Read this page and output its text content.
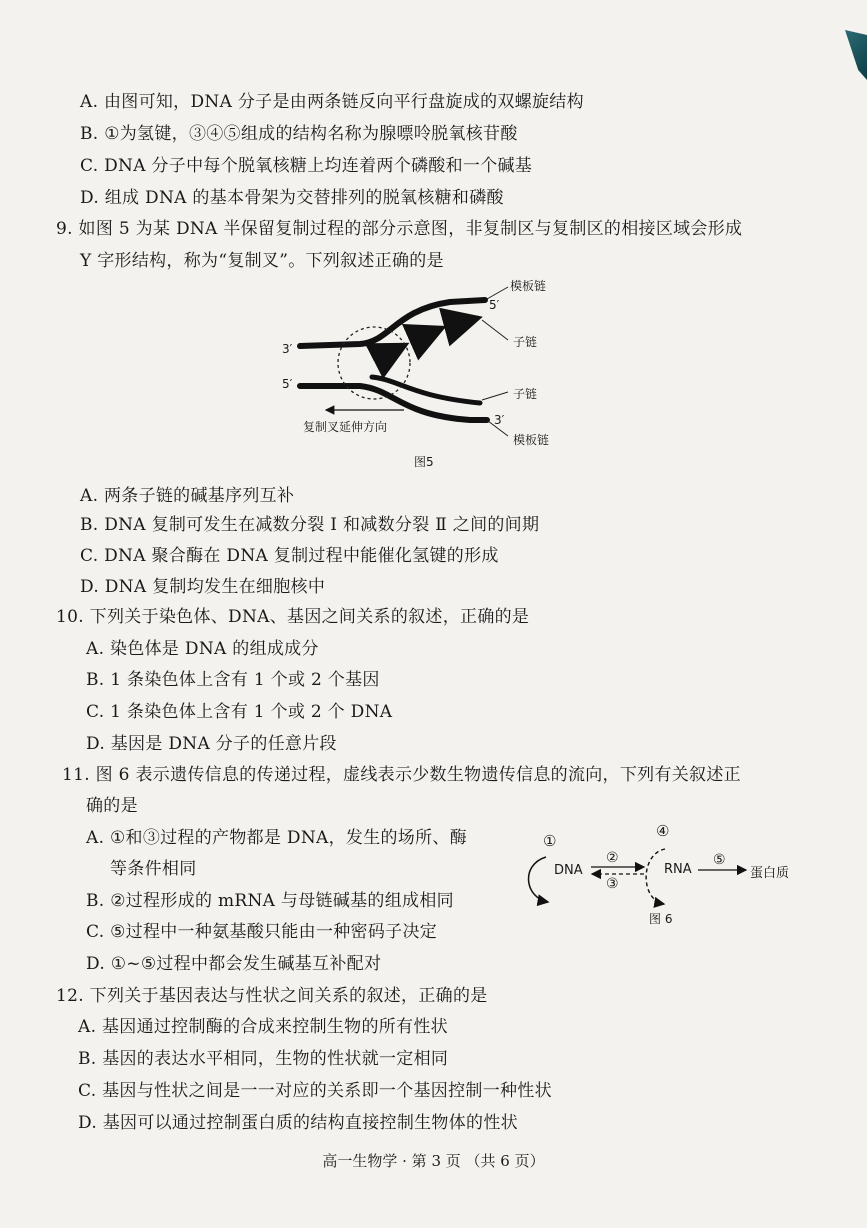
A. 由图可知，DNA 分子是由两条链反向平行盘旋成的双螺旋结构
B. ①为氢键，③④⑤组成的结构名称为腺嘌呤脱氧核苷酸
C. DNA 分子中每个脱氧核糖上均连着两个磷酸和一个碱基
D. 组成 DNA 的基本骨架为交替排列的脱氧核糖和磷酸
9. 如图 5 为某 DNA 半保留复制过程的部分示意图，非复制区与复制区的相接区域会形成
Y 字形结构，称为“复制叉”。下列叙述正确的是
模板链
5′
子链
3′
5′
子链
3′
模板链
复制叉延伸方向
图5
A. 两条子链的碱基序列互补
B. DNA 复制可发生在减数分裂 Ⅰ 和减数分裂 Ⅱ 之间的间期
C. DNA 聚合酶在 DNA 复制过程中能催化氢键的形成
D. DNA 复制均发生在细胞核中
10. 下列关于染色体、DNA、基因之间关系的叙述，正确的是
A. 染色体是 DNA 的组成成分
B. 1 条染色体上含有 1 个或 2 个基因
C. 1 条染色体上含有 1 个或 2 个 DNA
D. 基因是 DNA 分子的任意片段
11. 图 6 表示遗传信息的传递过程，虚线表示少数生物遗传信息的流向，下列有关叙述正
确的是
A. ①和③过程的产物都是 DNA，发生的场所、酶
等条件相同
B. ②过程形成的 mRNA 与母链碱基的组成相同
C. ⑤过程中一种氨基酸只能由一种密码子决定
D. ①~⑤过程中都会发生碱基互补配对
①
②
③
④
⑤
DNA	RNA	蛋白质
图 6
12. 下列关于基因表达与性状之间关系的叙述，正确的是
A. 基因通过控制酶的合成来控制生物的所有性状
B. 基因的表达水平相同，生物的性状就一定相同
C. 基因与性状之间是一一对应的关系即一个基因控制一种性状
D. 基因可以通过控制蛋白质的结构直接控制生物体的性状
高一生物学 · 第 3 页 （共 6 页）
